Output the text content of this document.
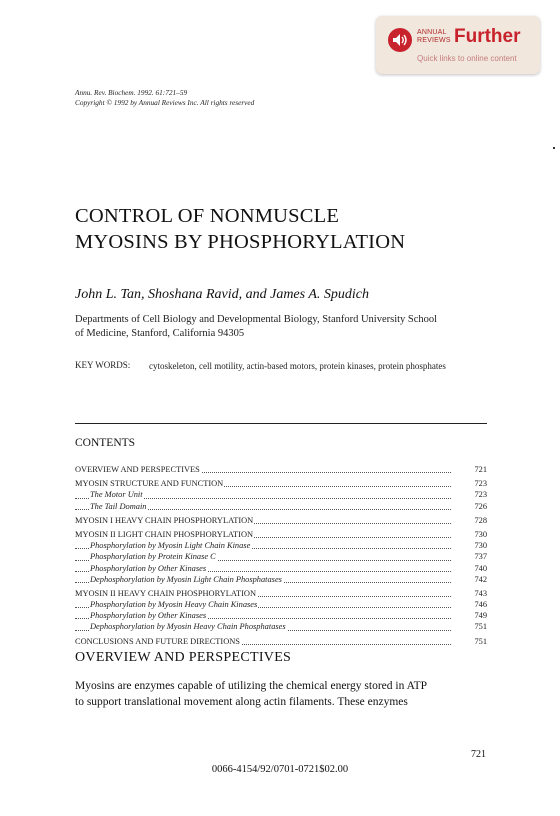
ANNUAL
REVIEWS Further
Quick links to online content
Annu. Rev. Biochem. 1992. 61:721–59
Copyright © 1992 by Annual Reviews Inc. All rights reserved
CONTROL OF NONMUSCLE
MYOSINS BY PHOSPHORYLATION
John L. Tan, Shoshana Ravid, and James A. Spudich
Departments of Cell Biology and Developmental Biology, Stanford University School
of Medicine, Stanford, California 94305
KEY WORDS: cytoskeleton, cell motility, actin-based motors, protein kinases, protein phosphates
CONTENTS
OVERVIEW AND PERSPECTIVES	721
MYOSIN STRUCTURE AND FUNCTION	723
The Motor Unit	723
The Tail Domain	726
MYOSIN I HEAVY CHAIN PHOSPHORYLATION	728
MYOSIN II LIGHT CHAIN PHOSPHORYLATION	730
Phosphorylation by Myosin Light Chain Kinase	730
Phosphorylation by Protein Kinase C	737
Phosphorylation by Other Kinases	740
Dephosphorylation by Myosin Light Chain Phosphatases	742
MYOSIN II HEAVY CHAIN PHOSPHORYLATION	743
Phosphorylation by Myosin Heavy Chain Kinases	746
Phosphorylation by Other Kinases	749
Dephosphorylation by Myosin Heavy Chain Phosphatases	751
CONCLUSIONS AND FUTURE DIRECTIONS	751
OVERVIEW AND PERSPECTIVES
Myosins are enzymes capable of utilizing the chemical energy stored in ATP
to support translational movement along actin filaments. These enzymes
721
0066-4154/92/0701-0721$02.00
